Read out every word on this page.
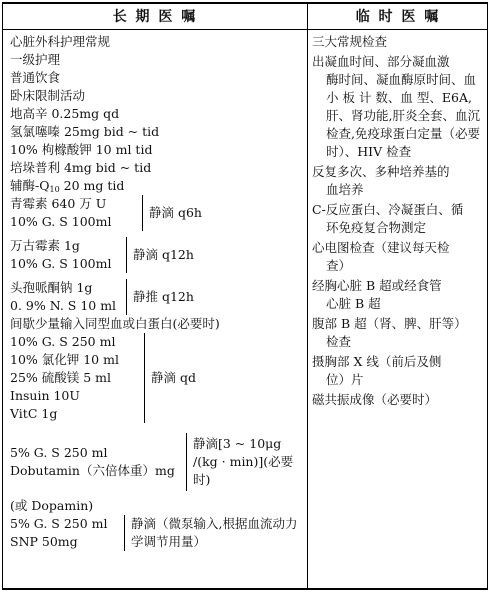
长 期 医 嘱	临 时 医 嘱
心脏外科护理常规
一级护理
普通饮食
卧床限制活动
地高辛 0.25mg qd
氢氯噻嗪 25mg bid ~ tid
10% 枸橼酸钾 10 ml tid
培垛普利 4mg bid ~ tid
辅酶$-Q_{10}$ 20 mg tid
青霉素 640 万 U
10% G. S 100ml
静滴 q6h
万古霉素 1g
10% G. S 100ml
静滴 q12h
头孢哌酮钠 1g
0. 9% N. S 10 ml
静推 q12h
间歇少量输入同型血或白蛋白(必要时)
10% G. S 250 ml
10% 氯化钾 10 ml
25% 硫酸镁 5 ml
Insuin 10U
VitC 1g
静滴 qd
5% G. S 250 ml
Dobutamin（六倍体重）mg
静滴[3 ~ 10μg /(kg · min)](必要时)
(或 Dopamin)
5% G. S 250 ml
SNP 50mg
静滴（微泵输入,根据血流动力学调节用量）
三大常规检查
出凝血时间、部分凝血激
酶时间、凝血酶原时间、血 小 板 计 数、血 型、E6A,肝、肾功能,肝炎全套、血沉检查,免疫球蛋白定量（必要时）、HIV 检查
反复多次、多种培养基的
血培养
C-反应蛋白、冷凝蛋白、循
环免疫复合物测定
心电图检查（建议每天检
查）
经胸心脏 B 超或经食管
心脏 B 超
腹部 B 超（肾、脾、肝等）
检查
摄胸部 X 线（前后及侧
位）片
磁共振成像（必要时）
